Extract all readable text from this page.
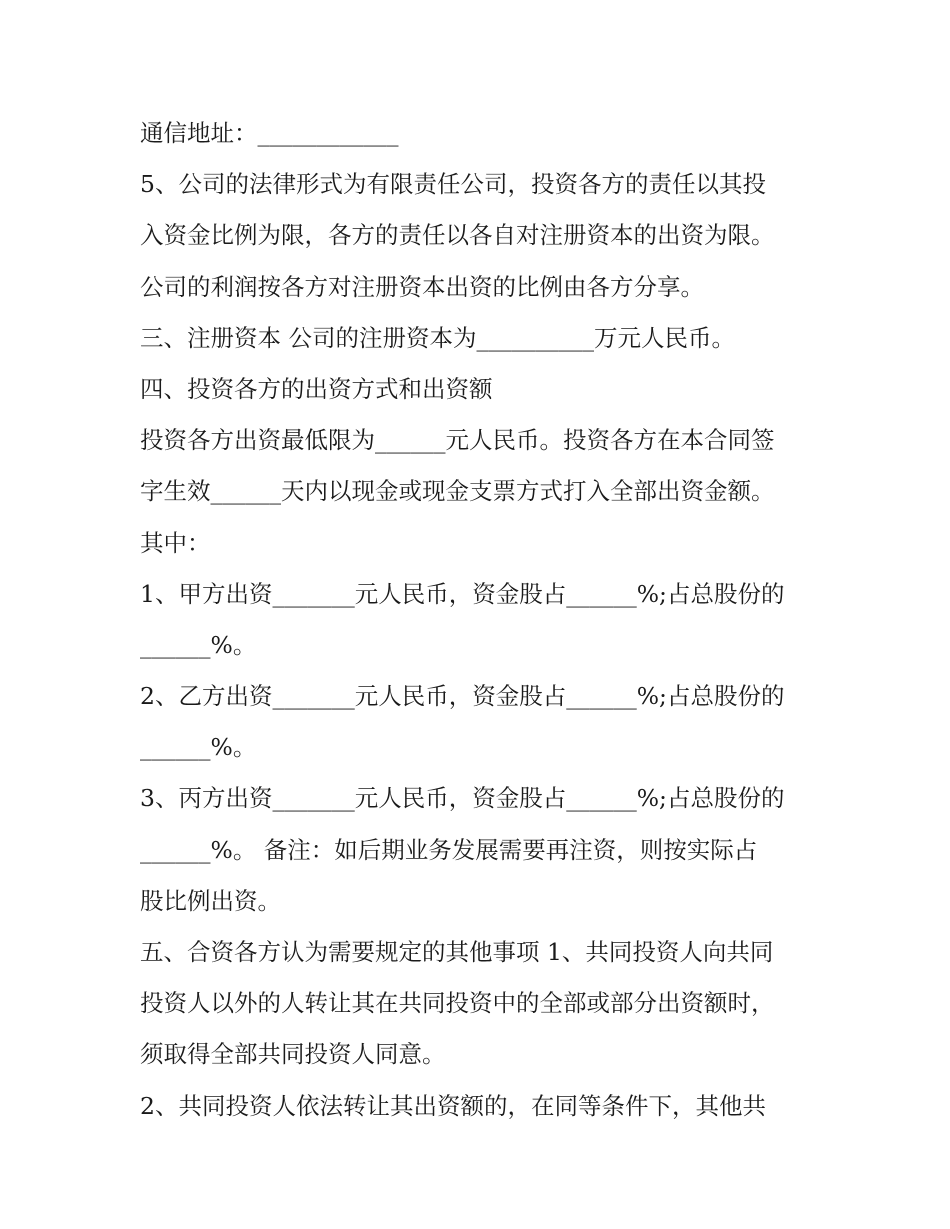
通信地址：____________
5、公司的法律形式为有限责任公司，投资各方的责任以其投
入资金比例为限，各方的责任以各自对注册资本的出资为限。
公司的利润按各方对注册资本出资的比例由各方分享。
三、注册资本 公司的注册资本为__________万元人民币。
四、投资各方的出资方式和出资额
投资各方出资最低限为______元人民币。投资各方在本合同签
字生效______天内以现金或现金支票方式打入全部出资金额。
其中：
1、甲方出资_______元人民币，资金股占______%;占总股份的
______%。
2、乙方出资_______元人民币，资金股占______%;占总股份的
______%。
3、丙方出资_______元人民币，资金股占______%;占总股份的
______%。 备注：如后期业务发展需要再注资，则按实际占
股比例出资。
五、合资各方认为需要规定的其他事项 1、共同投资人向共同
投资人以外的人转让其在共同投资中的全部或部分出资额时，
须取得全部共同投资人同意。
2、共同投资人依法转让其出资额的，在同等条件下，其他共
